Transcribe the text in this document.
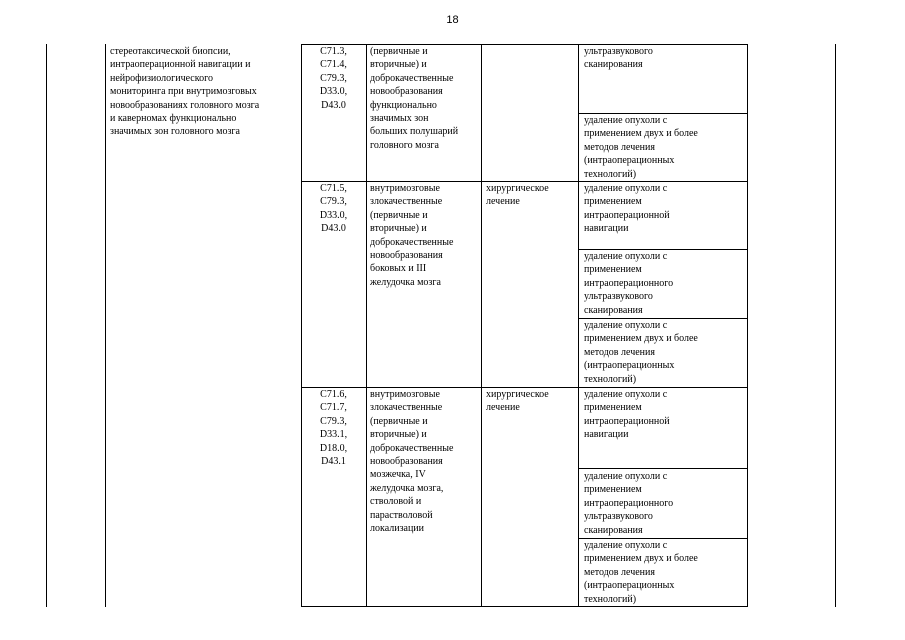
18
стереотаксической биопсии,
интраоперационной навигации и
нейрофизиологического
мониторинга при внутримозговых
новообразованиях головного мозга
и каверномах функционально
значимых зон головного мозга
C71.3,
C71.4,
C79.3,
D33.0,
D43.0
(первичные и
вторичные) и
доброкачественные
новообразования
функционально
значимых зон
больших полушарий
головного мозга
ультразвукового
сканирования
удаление опухоли с
применением двух и более
методов лечения
(интраоперационных
технологий)
C71.5,
C79.3,
D33.0,
D43.0
внутримозговые
злокачественные
(первичные и
вторичные) и
доброкачественные
новообразования
боковых и III
желудочка мозга
хирургическое
лечение
удаление опухоли с
применением
интраоперационной
навигации
удаление опухоли с
применением
интраоперационного
ультразвукового
сканирования
удаление опухоли с
применением двух и более
методов лечения
(интраоперационных
технологий)
C71.6,
C71.7,
C79.3,
D33.1,
D18.0,
D43.1
внутримозговые
злокачественные
(первичные и
вторичные) и
доброкачественные
новообразования
мозжечка, IV
желудочка мозга,
стволовой и
парастволовой
локализации
хирургическое
лечение
удаление опухоли с
применением
интраоперационной
навигации
удаление опухоли с
применением
интраоперационного
ультразвукового
сканирования
удаление опухоли с
применением двух и более
методов лечения
(интраоперационных
технологий)
